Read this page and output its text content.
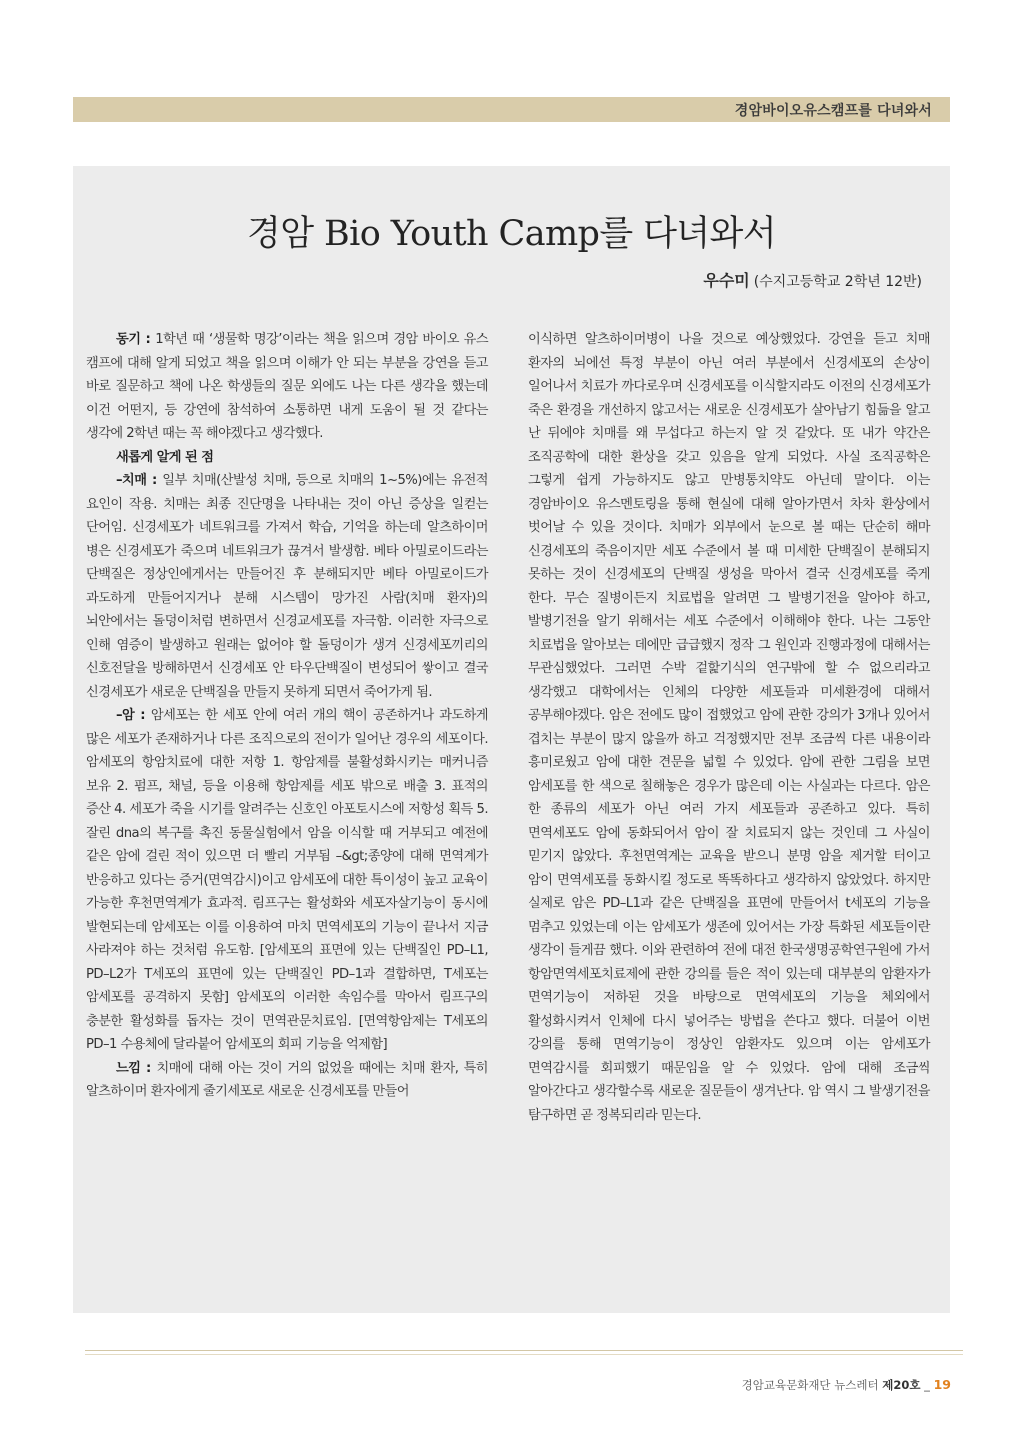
경암바이오유스캠프를 다녀와서
경암 Bio Youth Camp를 다녀와서
우수미 (수지고등학교 2학년 12반)

동기 : 1학년 때 ‘생물학 명강’이라는 책을 읽으며 경암 바이오 유스 캠프에 대해 알게 되었고 책을 읽으며 이해가 안 되는 부분을 강연을 듣고 바로 질문하고 책에 나온 학생들의 질문 외에도 나는 다른 생각을 했는데 이건 어떤지, 등 강연에 참석하여 소통하면 내게 도움이 될 것 같다는 생각에 2학년 때는 꼭 해야겠다고 생각했다.

새롭게 알게 된 점

–치매 : 일부 치매(산발성 치매, 등으로 치매의 1~5%)에는 유전적 요인이 작용. 치매는 최종 진단명을 나타내는 것이 아닌 증상을 일컫는 단어임. 신경세포가 네트워크를 가져서 학습, 기억을 하는데 알츠하이머 병은 신경세포가 죽으며 네트워크가 끊겨서 발생함. 베타 아밀로이드라는 단백질은 정상인에게서는 만들어진 후 분해되지만 베타 아밀로이드가 과도하게 만들어지거나 분해 시스템이 망가진 사람(치매 환자)의 뇌안에서는 돌덩이처럼 변하면서 신경교세포를 자극함. 이러한 자극으로 인해 염증이 발생하고 원래는 없어야 할 돌덩이가 생겨 신경세포끼리의 신호전달을 방해하면서 신경세포 안 타우단백질이 변성되어 쌓이고 결국 신경세포가 새로운 단백질을 만들지 못하게 되면서 죽어가게 됨.

–암 : 암세포는 한 세포 안에 여러 개의 핵이 공존하거나 과도하게 많은 세포가 존재하거나 다른 조직으로의 전이가 일어난 경우의 세포이다. 암세포의 항암치료에 대한 저항 1. 항암제를 불활성화시키는 매커니즘 보유 2. 펌프, 채널, 등을 이용해 항암제를 세포 밖으로 배출 3. 표적의 증산 4. 세포가 죽을 시기를 알려주는 신호인 아포토시스에 저항성 획득 5. 잘린 dna의 복구를 촉진 동물실험에서 암을 이식할 때 거부되고 예전에 같은 암에 걸린 적이 있으면 더 빨리 거부됨 –&gt;종양에 대해 면역계가 반응하고 있다는 증거(면역감시)이고 암세포에 대한 특이성이 높고 교육이 가능한 후천면역계가 효과적. 림프구는 활성화와 세포자살기능이 동시에 발현되는데 암세포는 이를 이용하여 마치 면역세포의 기능이 끝나서 지금 사라져야 하는 것처럼 유도함. [암세포의 표면에 있는 단백질인 PD–L1, PD–L2가 T세포의 표면에 있는 단백질인 PD–1과 결합하면, T세포는 암세포를 공격하지 못함] 암세포의 이러한 속임수를 막아서 림프구의 충분한 활성화를 돕자는 것이 면역관문치료임. [면역항암제는 T세포의 PD–1 수용체에 달라붙어 암세포의 회피 기능을 억제함]

느낌 : 치매에 대해 아는 것이 거의 없었을 때에는 치매 환자, 특히 알츠하이머 환자에게 줄기세포로 새로운 신경세포를 만들어

이식하면 알츠하이머병이 나을 것으로 예상했었다. 강연을 듣고 치매 환자의 뇌에선 특정 부분이 아닌 여러 부분에서 신경세포의 손상이 일어나서 치료가 까다로우며 신경세포를 이식할지라도 이전의 신경세포가 죽은 환경을 개선하지 않고서는 새로운 신경세포가 살아남기 힘듦을 알고 난 뒤에야 치매를 왜 무섭다고 하는지 알 것 같았다. 또 내가 약간은 조직공학에 대한 환상을 갖고 있음을 알게 되었다. 사실 조직공학은 그렇게 쉽게 가능하지도 않고 만병통치약도 아닌데 말이다. 이는 경암바이오 유스멘토링을 통해 현실에 대해 알아가면서 차차 환상에서 벗어날 수 있을 것이다. 치매가 외부에서 눈으로 볼 때는 단순히 해마 신경세포의 죽음이지만 세포 수준에서 볼 때 미세한 단백질이 분해되지 못하는 것이 신경세포의 단백질 생성을 막아서 결국 신경세포를 죽게 한다. 무슨 질병이든지 치료법을 알려면 그 발병기전을 알아야 하고, 발병기전을 알기 위해서는 세포 수준에서 이해해야 한다. 나는 그동안 치료법을 알아보는 데에만 급급했지 정작 그 원인과 진행과정에 대해서는 무관심했었다. 그러면 수박 겉핥기식의 연구밖에 할 수 없으리라고 생각했고 대학에서는 인체의 다양한 세포들과 미세환경에 대해서 공부해야겠다. 암은 전에도 많이 접했었고 암에 관한 강의가 3개나 있어서 겹치는 부분이 많지 않을까 하고 걱정했지만 전부 조금씩 다른 내용이라 흥미로웠고 암에 대한 견문을 넓힐 수 있었다. 암에 관한 그림을 보면 암세포를 한 색으로 칠해놓은 경우가 많은데 이는 사실과는 다르다. 암은 한 종류의 세포가 아닌 여러 가지 세포들과 공존하고 있다. 특히 면역세포도 암에 동화되어서 암이 잘 치료되지 않는 것인데 그 사실이 믿기지 않았다. 후천면역계는 교육을 받으니 분명 암을 제거할 터이고 암이 면역세포를 동화시킬 정도로 똑똑하다고 생각하지 않았었다. 하지만 실제로 암은 PD–L1과 같은 단백질을 표면에 만들어서 t세포의 기능을 멈추고 있었는데 이는 암세포가 생존에 있어서는 가장 특화된 세포들이란 생각이 들게끔 했다. 이와 관련하여 전에 대전 한국생명공학연구원에 가서 항암면역세포치료제에 관한 강의를 들은 적이 있는데 대부분의 암환자가 면역기능이 저하된 것을 바탕으로 면역세포의 기능을 체외에서 활성화시켜서 인체에 다시 넣어주는 방법을 쓴다고 했다. 더불어 이번 강의를 통해 면역기능이 정상인 암환자도 있으며 이는 암세포가 면역감시를 회피했기 때문임을 알 수 있었다. 암에 대해 조금씩 알아간다고 생각할수록 새로운 질문들이 생겨난다. 암 역시 그 발생기전을 탐구하면 곧 정복되리라 믿는다.

경암교육문화재단 뉴스레터 제20호 _ 19
